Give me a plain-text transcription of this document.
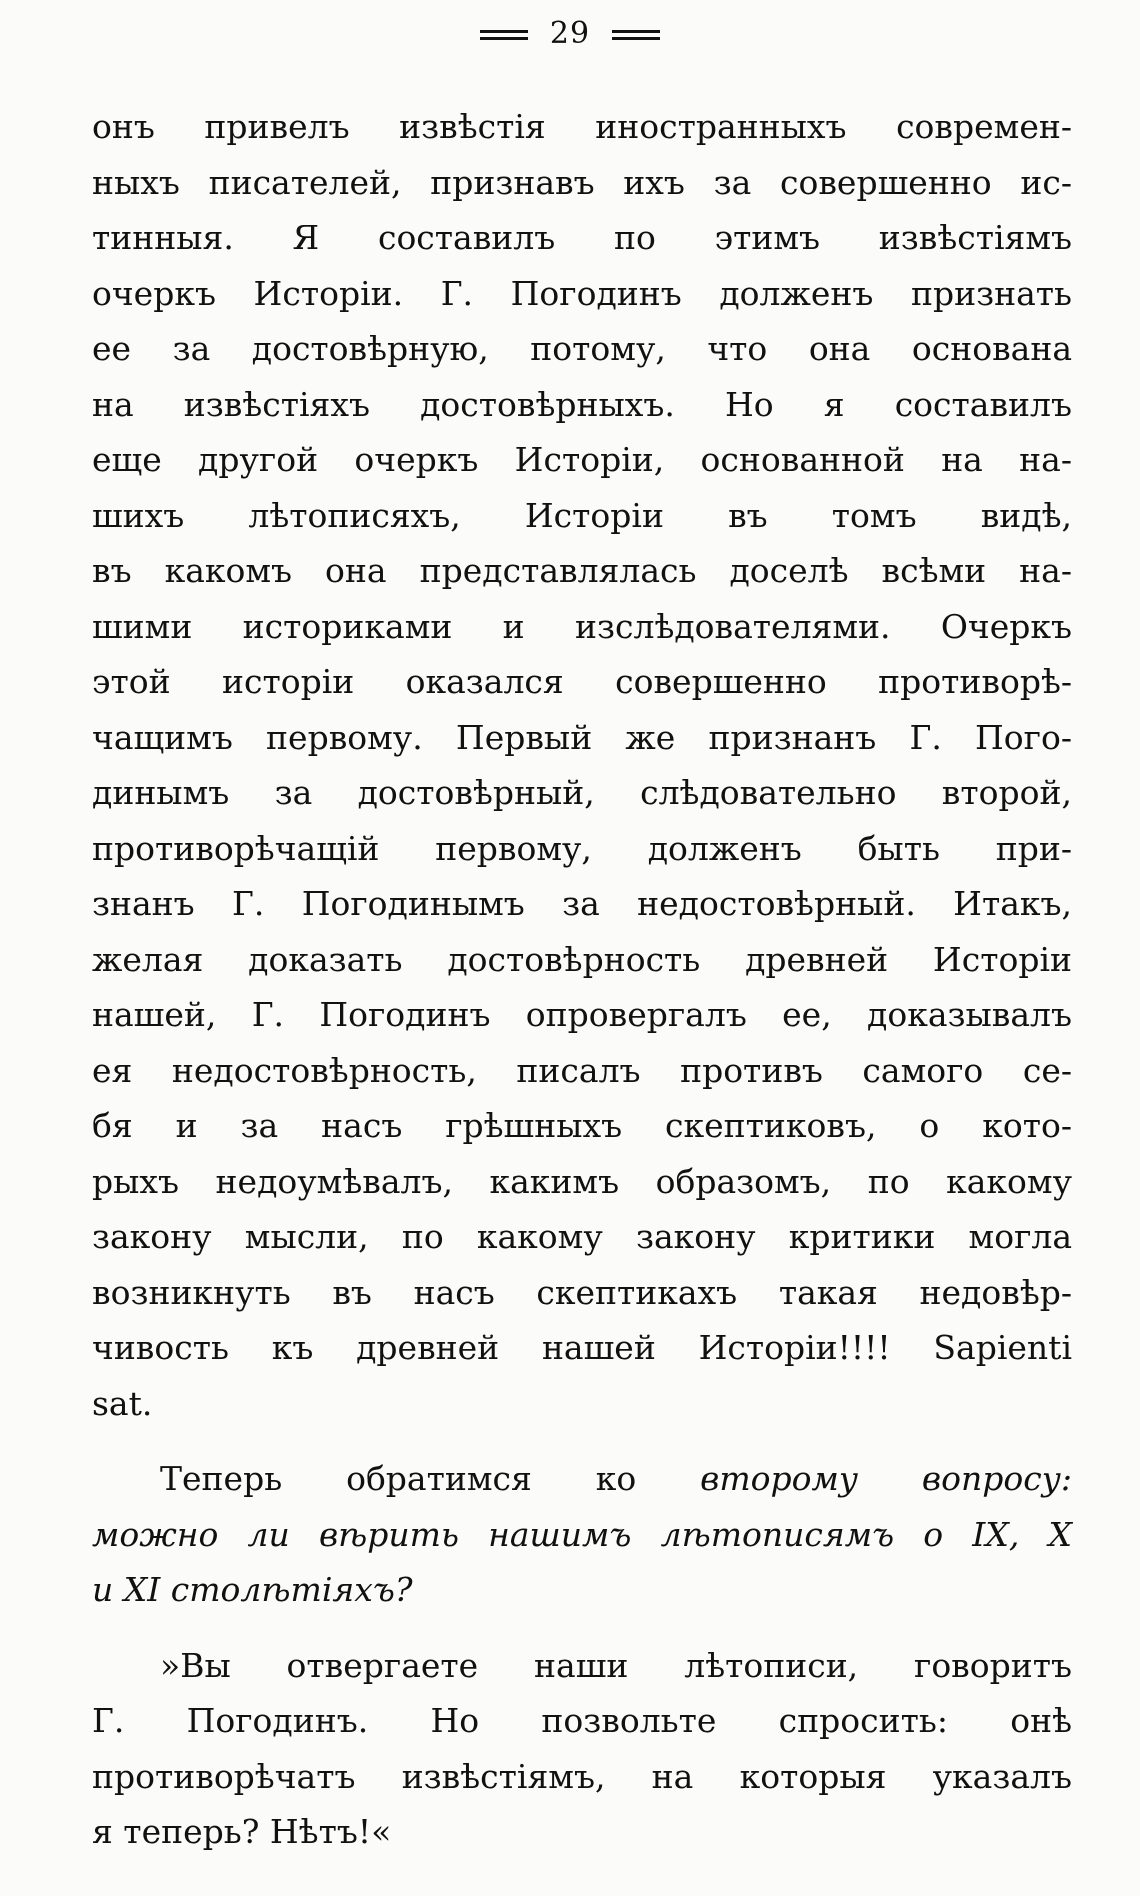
29
онъ привелъ извѣстія иностранныхъ современ-
ныхъ писателей, признавъ ихъ за совершенно ис-
тинныя. Я составилъ по этимъ извѣстіямъ
очеркъ Исторіи. Г. Погодинъ долженъ признать
ее за достовѣрную, потому, что она основана
на извѣстіяхъ достовѣрныхъ. Но я составилъ
еще другой очеркъ Исторіи, основанной на на-
шихъ лѣтописяхъ, Исторіи въ томъ видѣ,
въ какомъ она представлялась доселѣ всѣми на-
шими историками и изслѣдователями. Очеркъ
этой исторіи оказался совершенно противорѣ-
чащимъ первому. Первый же признанъ Г. Пого-
динымъ за достовѣрный, слѣдовательно второй,
противорѣчащій первому, долженъ быть при-
знанъ Г. Погодинымъ за недостовѣрный. Итакъ,
желая доказать достовѣрность древней Исторіи
нашей, Г. Погодинъ опровергалъ ее, доказывалъ
ея недостовѣрность, писалъ противъ самого се-
бя и за насъ грѣшныхъ скептиковъ, о кото-
рыхъ недоумѣвалъ, какимъ образомъ, по какому
закону мысли, по какому закону критики могла
возникнуть въ насъ скептикахъ такая недовѣр-
чивость къ древней нашей Исторіи!!!! Sapienti
sat.
Теперь обратимся ко второму вопросу:
можно ли вѣрить нашимъ лѣтописямъ о IX, X
и XI столѣтіяхъ?
»Вы отвергаете наши лѣтописи, говоритъ
Г. Погодинъ. Но позвольте спросить: онѣ
противорѣчатъ извѣстіямъ, на которыя указалъ
я теперь? Нѣтъ!«
